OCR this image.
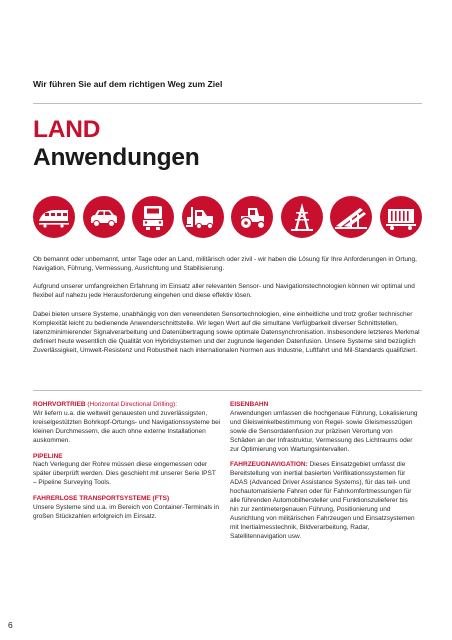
Wir führen Sie auf dem richtigen Weg zum Ziel
LAND
Anwendungen

Ob bemannt oder unbemannt, unter Tage oder an Land, militärisch oder zivil - wir haben die Lösung für Ihre Anforderungen in Ortung, Navigation, Führung, Vermessung, Ausrichtung und Stabilisierung.

Aufgrund unserer umfangreichen Erfahrung im Einsatz aller relevanten Sensor- und Navigationstechnologien können wir optimal und flexibel auf nahezu jede Herausforderung eingehen und diese effektiv lösen.

Dabei bieten unsere Systeme, unabhängig von den verwendeten Sensortechnologien, eine einheitliche und trotz großer technischer Komplexität leicht zu bedienende Anwenderschnittstelle. Wir legen Wert auf die simultane Verfügbarkeit diverser Schnittstellen, latenzminimierender Signalverarbeitung und Datenübertragung sowie optimale Datensynchronisation. Insbesondere letzteres Merkmal definiert heute wesentlich die Qualität von Hybridsystemen und der zugrunde liegenden Datenfusion. Unsere Systeme sind bezüglich Zuverlässigkeit, Umwelt-Resistenz und Robustheit nach internationalen Normen aus Industrie, Luftfahrt und Mil-Standards qualifiziert.

ROHRVORTRIEB (Horizontal Directional Drilling):
Wir liefern u.a. die weltweit genauesten und zuverlässigsten, kreiselgestützten Bohrkopf-Ortungs- und Navigationssysteme bei kleinen Durchmessern, die auch ohne externe Installationen auskommen.
PIPELINE
Nach Verlegung der Rohre müssen diese eingemessen oder später überprüft werden. Dies geschieht mit unserer Serie IPST – Pipeline Surveying Tools.
FAHRERLOSE TRANSPORTSYSTEME (FTS)
Unsere Systeme sind u.a. im Bereich von Container-Terminals in großen Stückzahlen erfolgreich im Einsatz.
EISENBAHN
Anwendungen umfassen die hochgenaue Führung, Lokalisierung und Gleiswinkelbestimmung von Regel- sowie Gleismesszügen sowie die Sensordatenfusion zur präzisen Verortung von Schäden an der Infrastruktur, Vermessung des Lichtraums oder zur Optimierung von Wartungsintervallen.
FAHRZEUGNAVIGATION: Dieses Einsatzgebiet umfasst die Bereitstellung von inertial basierten Verifikationssystemen für ADAS (Advanced Driver Assistance Systems), für das teil- und hochautomatisierte Fahren oder für Fahrkomfortmessungen für alle führenden Automobilhersteller und Funktionszulieferer bis hin zur zentimetergenauen Führung, Positionierung und Ausrichtung von militärischen Fahrzeugen und Einsatzsystemen mit Inertialmesstechnik, Bildverarbeitung, Radar, Satellitennavigation usw.
6
